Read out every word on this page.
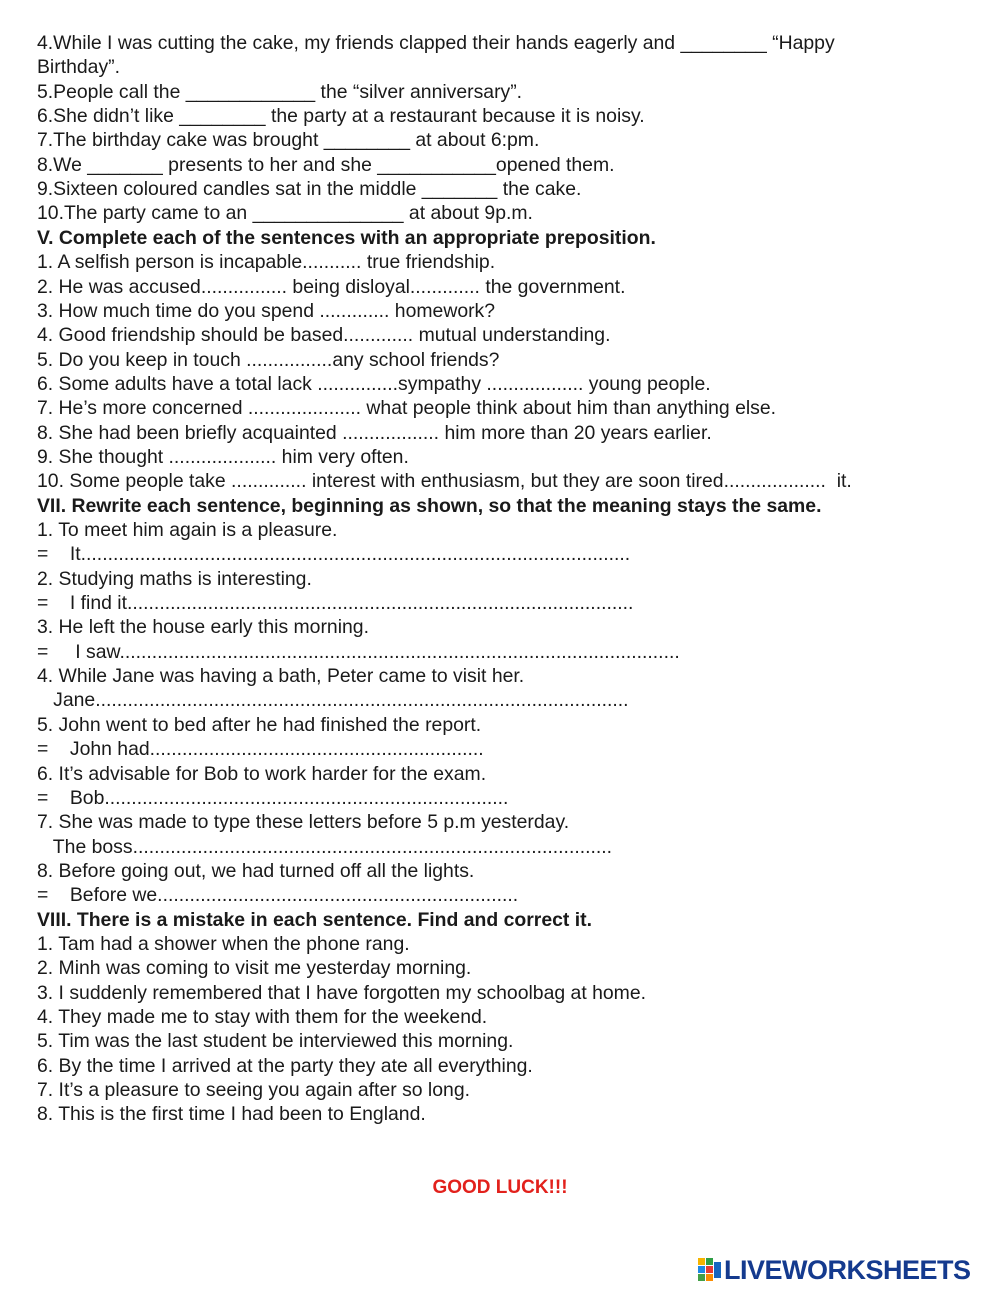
4.While I was cutting the cake, my friends clapped their hands eagerly and ________ “Happy

Birthday”.

5.People call the ____________ the “silver anniversary”.

6.She didn’t like ________ the party at a restaurant because it is noisy.

7.The birthday cake was brought ________ at about 6:pm.

8.We _______ presents to her and she ___________opened them.

9.Sixteen coloured candles sat in the middle _______ the cake.

10.The party came to an ______________ at about 9p.m.

V. Complete each of the sentences with an appropriate preposition.

1. A selfish person is incapable........... true friendship.

2. He was accused................ being disloyal............. the government.

3. How much time do you spend ............. homework?

4. Good friendship should be based............. mutual understanding.

5. Do you keep in touch ................any school friends?

6. Some adults have a total lack ...............sympathy .................. young people.

7. He’s more concerned ..................... what people think about him than anything else.

8. She had been briefly acquainted .................. him more than 20 years earlier.

9. She thought .................... him very often.

10. Some people take .............. interest with enthusiasm, but they are soon tired...................  it.

VII. Rewrite each sentence, beginning as shown, so that the meaning stays the same.

1. To meet him again is a pleasure.

=    It......................................................................................................

2. Studying maths is interesting.

=    I find it..............................................................................................

3. He left the house early this morning.

=     I saw........................................................................................................

4. While Jane was having a bath, Peter came to visit her.

Jane...................................................................................................

5. John went to bed after he had finished the report.

=    John had..............................................................

6. It’s advisable for Bob to work harder for the exam.

=    Bob...........................................................................

7. She was made to type these letters before 5 p.m yesterday.

The boss.........................................................................................

8. Before going out, we had turned off all the lights.

=    Before we...................................................................

VIII. There is a mistake in each sentence. Find and correct it.

1. Tam had a shower when the phone rang.

2. Minh was coming to visit me yesterday morning.

3. I suddenly remembered that I have forgotten my schoolbag at home.

4. They made me to stay with them for the weekend.

5. Tim was the last student be interviewed this morning.

6. By the time I arrived at the party they ate all everything.

7. It’s a pleasure to seeing you again after so long.

8. This is the first time I had been to England.

GOOD LUCK!!!
LIVEWORKSHEETS
